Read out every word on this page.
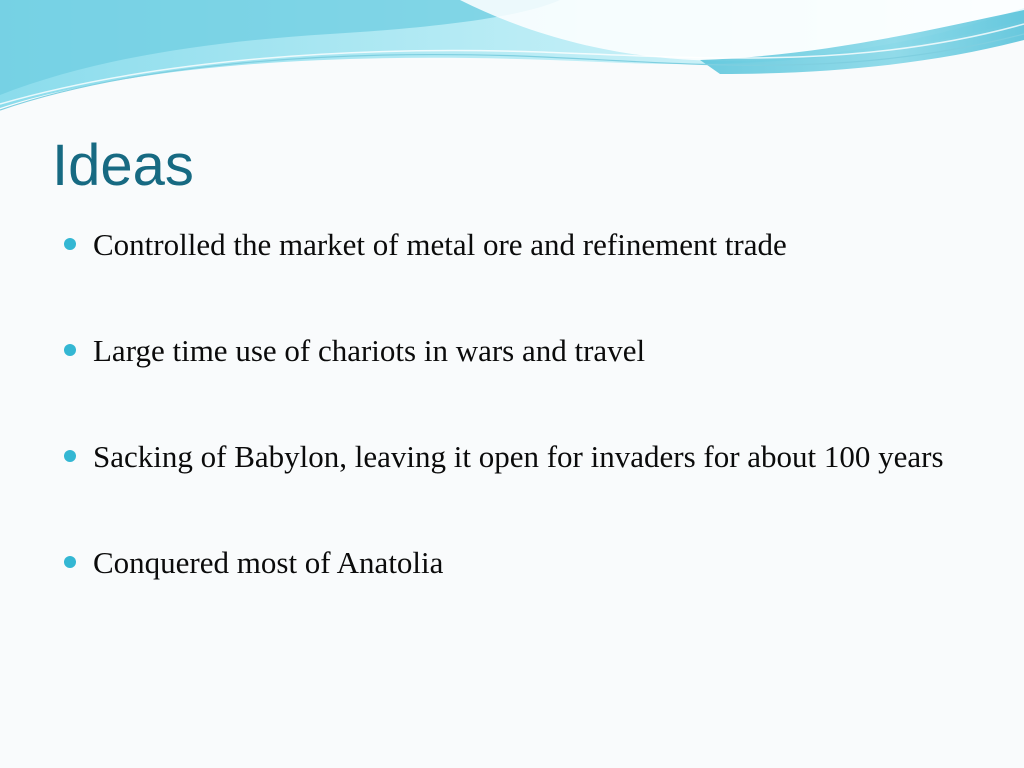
Ideas
Controlled the market of metal ore and refinement trade
Large time use of chariots in wars and travel
Sacking of Babylon, leaving it open for invaders for about 100 years
Conquered most of Anatolia
